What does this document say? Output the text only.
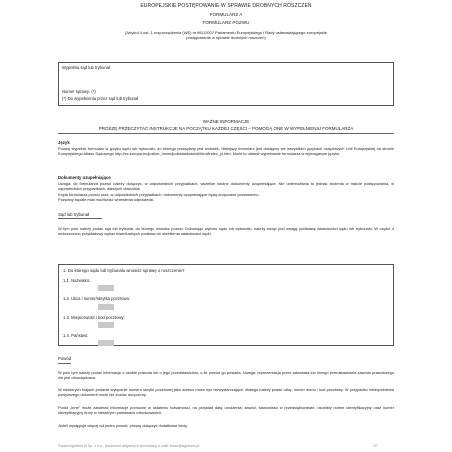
EUROPEJSKIE POSTĘPOWANIE W SPRAWIE DROBNYCH ROSZCZEŃ
FORMULARZ A
FORMULARZ POZWU
(Artykuł 4 ust. 1 rozporządzenia (WE) nr 861/2007 Parlamentu Europejskiego i Rady ustanawiającego europejskie
postępowanie w sprawie drobnych roszczeń)
Wypełnia sąd lub trybunał
Numer sprawy: (*)
(*) Do wypełnienia przez sąd lub trybunał
WAŻNE INFORMACJE
PROSZĘ PRZECZYTAĆ INSTRUKCJE NA POCZĄTKU KAŻDEJ CZĘŚCI – POMOGĄ ONE W WYPEŁNIENIU FORMULARZA
Język
Proszę wypełnić formularz w języku sądu lub trybunału, do którego przesyłany jest wniosek. Niniejszy formularz jest dostępny we wszystkich językach urzędowych Unii Europejskiej na stronie Europejskiego Atlasu Sądowego http://ec.europa.eu/justice_home/judicialatlascivil/html/index_pl.htm. Może to ułatwić wypełnianie formularza w wymaganym języku.
Dokumenty uzupełniające
Uwaga: do formularza pozwu należy dołączyć, w odpowiednich przypadkach, wszelkie istotne dokumenty uzupełniające. Nie uniemożliwia to jednak złożenia w trakcie postępowania, w odpowiednich przypadkach, dalszych dowodów.
Kopia formularza pozwu oraz, w odpowiednich przypadkach, dokumenty uzupełniające będą doręczane pozwanemu.
Pozwany będzie miał możliwość wniesienia odpowiedzi.
Sąd lub trybunał
W tym polu należy podać sąd lub trybunał, do którego wnosisz pozew. Dokonując wyboru sądu lub trybunału, należy wziąć pod uwagę podstawę właściwości sądu lub trybunału. W części 4 umieszczono przykładowy wykaz ewentualnych podstaw do określenia właściwości sądu.
1. Do którego sądu lub trybunału wnosisz sprawę o roszczenie?
1.1. Nazwisko:
1.2. Ulica i numer/skrytka pocztowa:
1.3. Miejscowość i kod pocztowy:
1.4. Państwo:
Powód
W polu tym należy podać informacje o osobie powoda lub o jego przedstawicielu, o ile powód go posiada. Uwaga: reprezentacja przez adwokata lub innego przedstawiciela zawodu prawniczego nie jest obowiązkowa.
W niektórych krajach podanie wyłącznie numeru skrytki pocztowej jako adresu może być niewystarczające, dlatego należy podać ulicę, numer domu i kod pocztowy. W przypadku niedopełnienia powyższego dokument może nie zostać doręczony.
Punkt „Inne” może zawierać informacje pomocne w ustaleniu tożsamości, na przykład datę urodzenia, zawód, stanowisko w przedsiębiorstwie, osobisty numer identyfikacyjny oraz numer identyfikacyjny firmy w niektórych państwach członkowskich.
Jeżeli występuje więcej niż jeden powód, proszę dołączyć dodatkowe karty.
©www.signform.pl Sp. z o.o., producent aktywnych formularzy, e-mail: biuro@signform.pl	1/7
